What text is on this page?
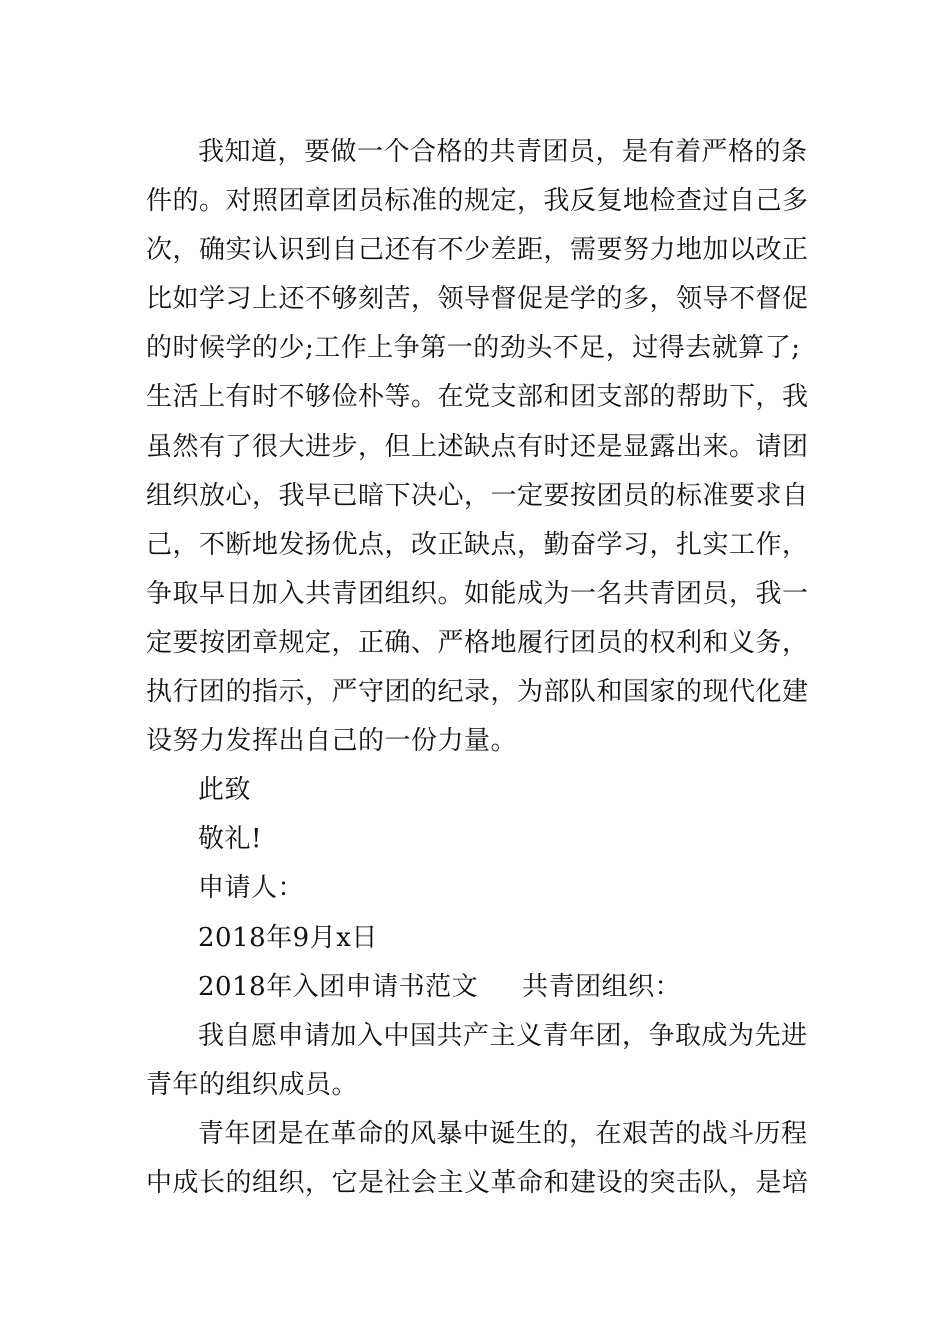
我知道，要做一个合格的共青团员，是有着严格的条
件的。对照团章团员标准的规定，我反复地检查过自己多
次，确实认识到自己还有不少差距，需要努力地加以改正
比如学习上还不够刻苦，领导督促是学的多，领导不督促
的时候学的少;工作上争第一的劲头不足，过得去就算了;
生活上有时不够俭朴等。在党支部和团支部的帮助下，我
虽然有了很大进步，但上述缺点有时还是显露出来。请团
组织放心，我早已暗下决心，一定要按团员的标准要求自
己，不断地发扬优点，改正缺点，勤奋学习，扎实工作，
争取早日加入共青团组织。如能成为一名共青团员，我一
定要按团章规定，正确、严格地履行团员的权利和义务，
执行团的指示，严守团的纪录，为部队和国家的现代化建
设努力发挥出自己的一份力量。

此致

敬礼!

申请人：

2018年9月x日

2018年入团申请书范文 共青团组织：

我自愿申请加入中国共产主义青年团，争取成为先进
青年的组织成员。

青年团是在革命的风暴中诞生的，在艰苦的战斗历程
中成长的组织，它是社会主义革命和建设的突击队，是培
